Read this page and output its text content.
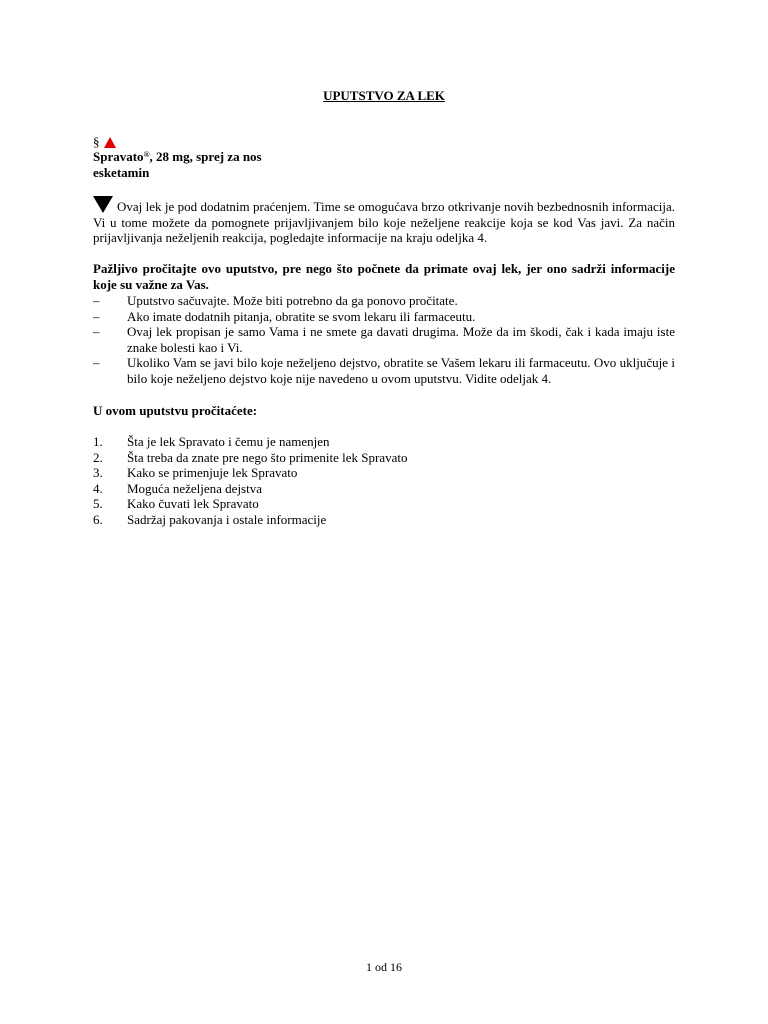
UPUTSTVO ZA LEK
§
Spravato®, 28 mg, sprej za nos
esketamin
Ovaj lek je pod dodatnim praćenjem. Time se omogućava brzo otkrivanje novih bezbednosnih informacija. Vi u tome možete da pomognete prijavljivanjem bilo koje neželjene reakcije koja se kod Vas javi. Za način prijavljivanja neželjenih reakcija, pogledajte informacije na kraju odeljka 4.
Pažljivo pročitajte ovo uputstvo, pre nego što počnete da primate ovaj lek, jer ono sadrži informacije koje su važne za Vas.
– Uputstvo sačuvajte. Može biti potrebno da ga ponovo pročitate.
– Ako imate dodatnih pitanja, obratite se svom lekaru ili farmaceutu.
– Ovaj lek propisan je samo Vama i ne smete ga davati drugima. Može da im škodi, čak i kada imaju iste znake bolesti kao i Vi.
– Ukoliko Vam se javi bilo koje neželjeno dejstvo, obratite se Vašem lekaru ili farmaceutu. Ovo uključuje i bilo koje neželjeno dejstvo koje nije navedeno u ovom uputstvu. Vidite odeljak 4.
U ovom uputstvu pročitaćete:
1. Šta je lek Spravato i čemu je namenjen
2. Šta treba da znate pre nego što primenite lek Spravato
3. Kako se primenjuje lek Spravato
4. Moguća neželjena dejstva
5. Kako čuvati lek Spravato
6. Sadržaj pakovanja i ostale informacije
1 od 16
